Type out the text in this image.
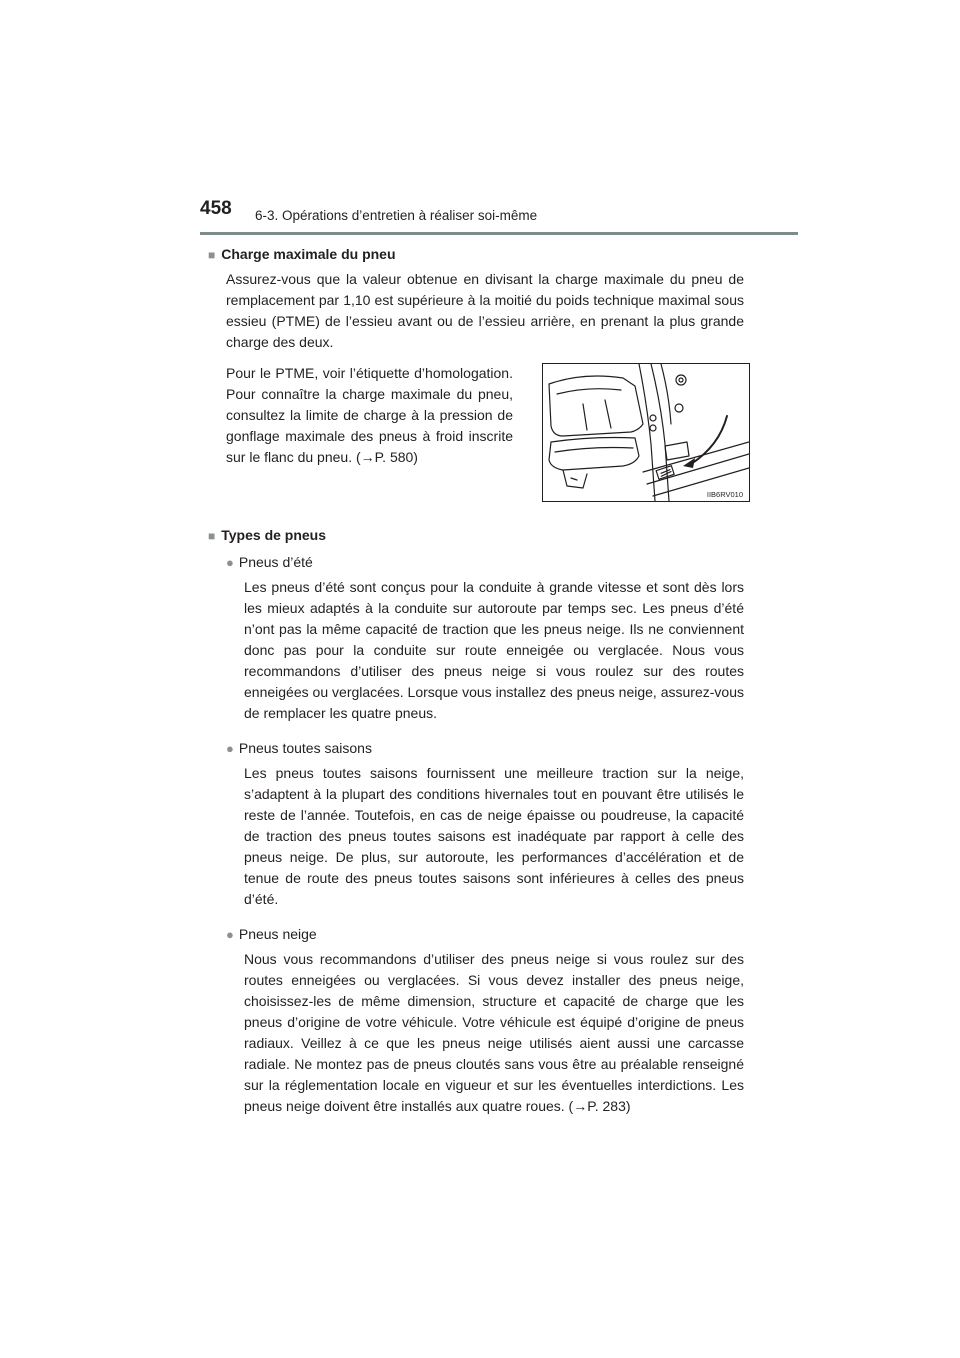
458 6-3. Opérations d’entretien à réaliser soi-même
■ Charge maximale du pneu

Assurez-vous que la valeur obtenue en divisant la charge maximale du pneu de remplacement par 1,10 est supérieure à la moitié du poids technique maximal sous essieu (PTME) de l’essieu avant ou de l’essieu arrière, en prenant la plus grande charge des deux.

Pour le PTME, voir l’étiquette d’homologation. Pour connaître la charge maximale du pneu, consultez la limite de charge à la pression de gonflage maximale des pneus à froid inscrite sur le flanc du pneu. (→P. 580)

IIB6RV010
■ Types de pneus
● Pneus d’été

Les pneus d’été sont conçus pour la conduite à grande vitesse et sont dès lors les mieux adaptés à la conduite sur autoroute par temps sec. Les pneus d’été n’ont pas la même capacité de traction que les pneus neige. Ils ne conviennent donc pas pour la conduite sur route enneigée ou verglacée. Nous vous recommandons d’utiliser des pneus neige si vous roulez sur des routes enneigées ou verglacées. Lorsque vous installez des pneus neige, assurez-vous de remplacer les quatre pneus.

● Pneus toutes saisons

Les pneus toutes saisons fournissent une meilleure traction sur la neige, s’adaptent à la plupart des conditions hivernales tout en pouvant être utilisés le reste de l’année. Toutefois, en cas de neige épaisse ou poudreuse, la capacité de traction des pneus toutes saisons est inadéquate par rapport à celle des pneus neige. De plus, sur autoroute, les performances d’accélération et de tenue de route des pneus toutes saisons sont inférieures à celles des pneus d’été.

● Pneus neige

Nous vous recommandons d’utiliser des pneus neige si vous roulez sur des routes enneigées ou verglacées. Si vous devez installer des pneus neige, choisissez-les de même dimension, structure et capacité de charge que les pneus d’origine de votre véhicule. Votre véhicule est équipé d’origine de pneus radiaux. Veillez à ce que les pneus neige utilisés aient aussi une carcasse radiale. Ne montez pas de pneus cloutés sans vous être au préalable renseigné sur la réglementation locale en vigueur et sur les éventuelles interdictions. Les pneus neige doivent être installés aux quatre roues. (→P. 283)
